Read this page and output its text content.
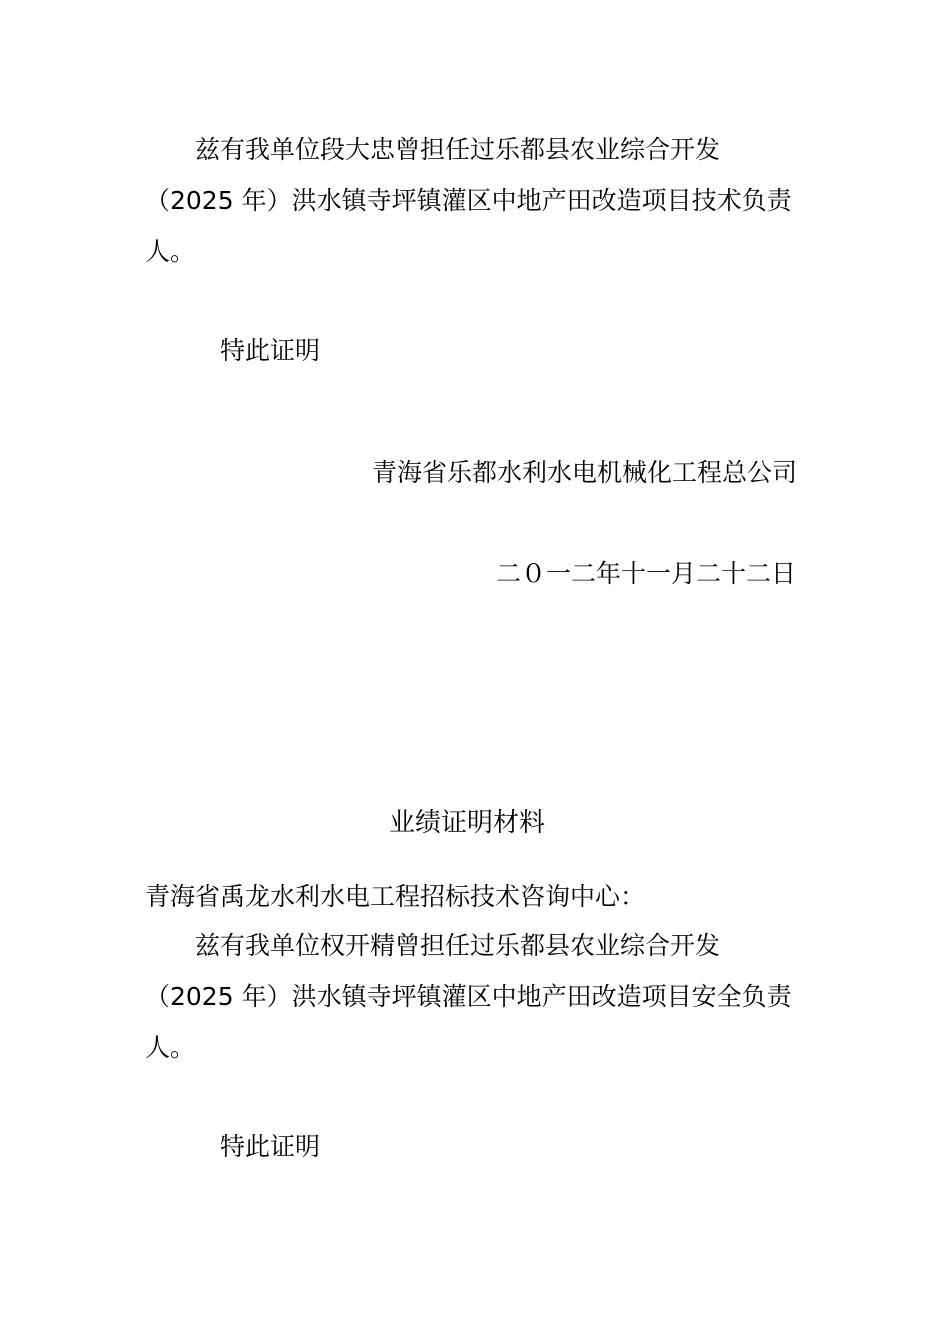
兹有我单位段大忠曾担任过乐都县农业综合开发

（2025 年）洪水镇寺坪镇灌区中地产田改造项目技术负责

人。

特此证明

青海省乐都水利水电机械化工程总公司

二０一二年十一月二十二日

业绩证明材料

青海省禹龙水利水电工程招标技术咨询中心：

兹有我单位权开精曾担任过乐都县农业综合开发

（2025 年）洪水镇寺坪镇灌区中地产田改造项目安全负责

人。

特此证明
